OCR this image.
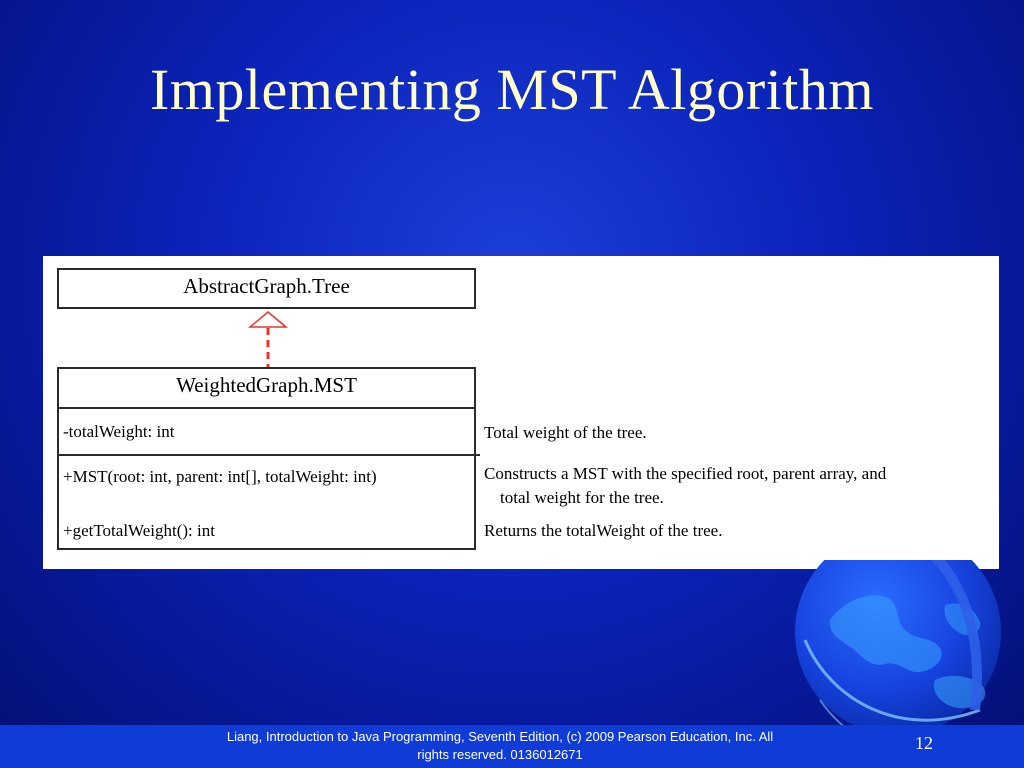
Implementing MST Algorithm
AbstractGraph.Tree
WeightedGraph.MST
-totalWeight: int
+MST(root: int, parent: int[], totalWeight: int)
+getTotalWeight(): int
Total weight of the tree.
Constructs a MST with the specified root, parent array, and
total weight for the tree.
Returns the totalWeight of the tree.
Liang, Introduction to Java Programming, Seventh Edition, (c) 2009 Pearson Education, Inc. All
rights reserved. 0136012671
12
